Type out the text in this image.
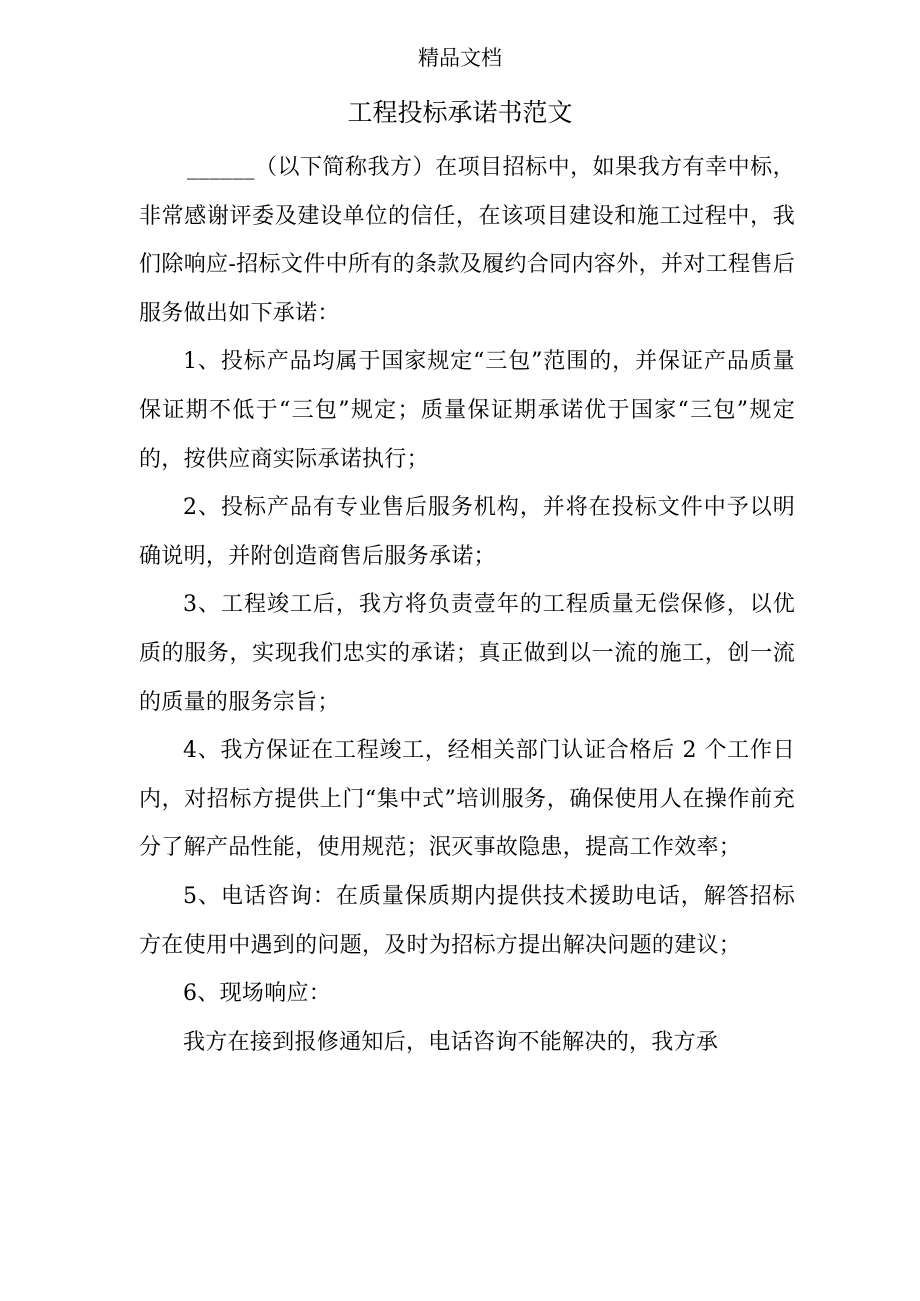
精品文档
工程投标承诺书范文

______（以下简称我方）在项目招标中，如果我方有幸中标，非常感谢评委及建设单位的信任，在该项目建设和施工过程中，我们除响应-招标文件中所有的条款及履约合同内容外，并对工程售后服务做出如下承诺：

1、投标产品均属于国家规定“三包”范围的，并保证产品质量保证期不低于“三包”规定；质量保证期承诺优于国家“三包”规定的，按供应商实际承诺执行；

2、投标产品有专业售后服务机构，并将在投标文件中予以明确说明，并附创造商售后服务承诺；

3、工程竣工后，我方将负责壹年的工程质量无偿保修，以优质的服务，实现我们忠实的承诺；真正做到以一流的施工，创一流的质量的服务宗旨；

4、我方保证在工程竣工，经相关部门认证合格后 2 个工作日内，对招标方提供上门“集中式”培训服务，确保使用人在操作前充分了解产品性能，使用规范；泯灭事故隐患，提高工作效率；

5、电话咨询：在质量保质期内提供技术援助电话，解答招标方在使用中遇到的问题，及时为招标方提出解决问题的建议；

6、现场响应：

我方在接到报修通知后，电话咨询不能解决的，我方承
